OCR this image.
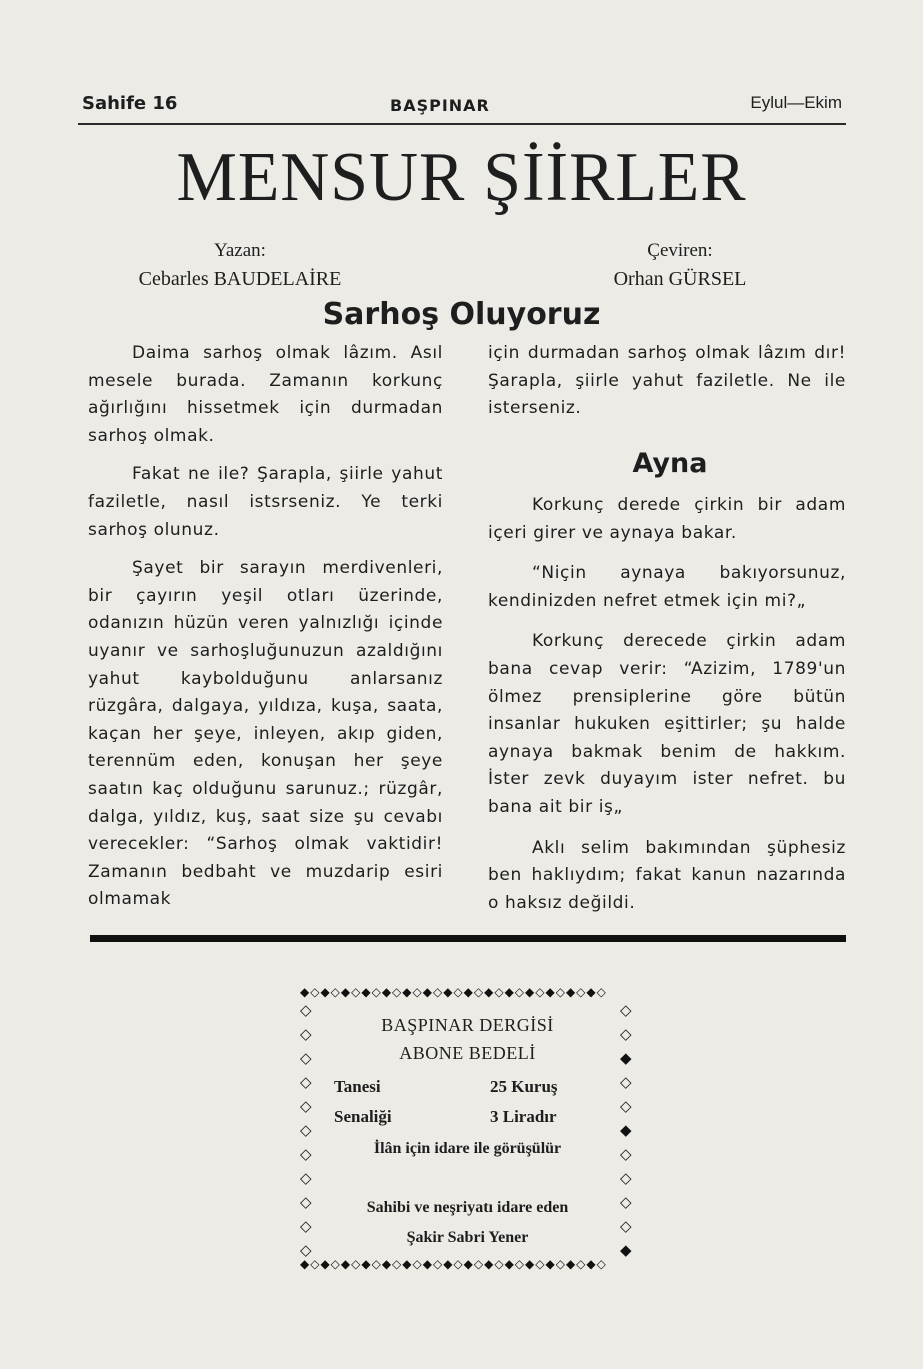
Sahife 16	BAŞPINAR	Eylul—Ekim
MENSUR ŞİİRLER
Yazan:
Cebarles BAUDELAİRE
Çeviren:
Orhan GÜRSEL
Sarhoş Oluyoruz

Daima sarhoş olmak lâzım. Asıl mesele burada. Zamanın korkunç ağırlığını hissetmek için durmadan sarhoş olmak.

Fakat ne ile? Şarapla, şiirle yahut faziletle, nasıl istsrseniz. Ye terki sarhoş olunuz.

Şayet bir sarayın merdivenleri, bir çayırın yeşil otları üzerinde, odanızın hüzün veren yalnızlığı içinde uyanır ve sarhoşluğunuzun azaldığını yahut kaybolduğunu anlarsanız rüzgâra, dalgaya, yıldıza, kuşa, saata, kaçan her şeye, inleyen, akıp giden, terennüm eden, konuşan her şeye saatın kaç olduğunu sarunuz.; rüzgâr, dalga, yıldız, kuş, saat size şu cevabı verecekler: “Sarhoş olmak vaktidir! Zamanın bedbaht ve muzdarip esiri olmamak

için durmadan sarhoş olmak lâzım dır! Şarapla, şiirle yahut faziletle. Ne ile isterseniz.

Ayna

Korkunç derede çirkin bir adam içeri girer ve aynaya bakar.

“Niçin aynaya bakıyorsunuz, kendinizden nefret etmek için mi?„

Korkunç derecede çirkin adam bana cevap verir: “Azizim, 1789'un ölmez prensiplerine göre bütün insanlar hukuken eşittirler; şu halde aynaya bakmak benim de hakkım. İster zevk duyayım ister nefret. bu bana ait bir iş„

Aklı selim bakımından şüphesiz ben haklıydım; fakat kanun nazarında o haksız değildi.

◆◇◆◇◆◇◆◇◆◇◆◇◆◇◆◇◆◇◆◇◆◇◆◇◆◇◆◇◆◇
◇
◇
◇
◇
◇
◇
◇
◇
◇
◇
◇
◇
◇
◆
◇
◇
◆
◇
◇
◇
◇
◆
◆◇◆◇◆◇◆◇◆◇◆◇◆◇◆◇◆◇◆◇◆◇◆◇◆◇◆◇◆◇
BAŞPINAR DERGİSİ
ABONE BEDELİ
Tanesi	25 Kuruş
Senaliği	3 Liradır
İlân için idare ile görüşülür
Sahibi ve neşriyatı idare eden
Şakir Sabri Yener
